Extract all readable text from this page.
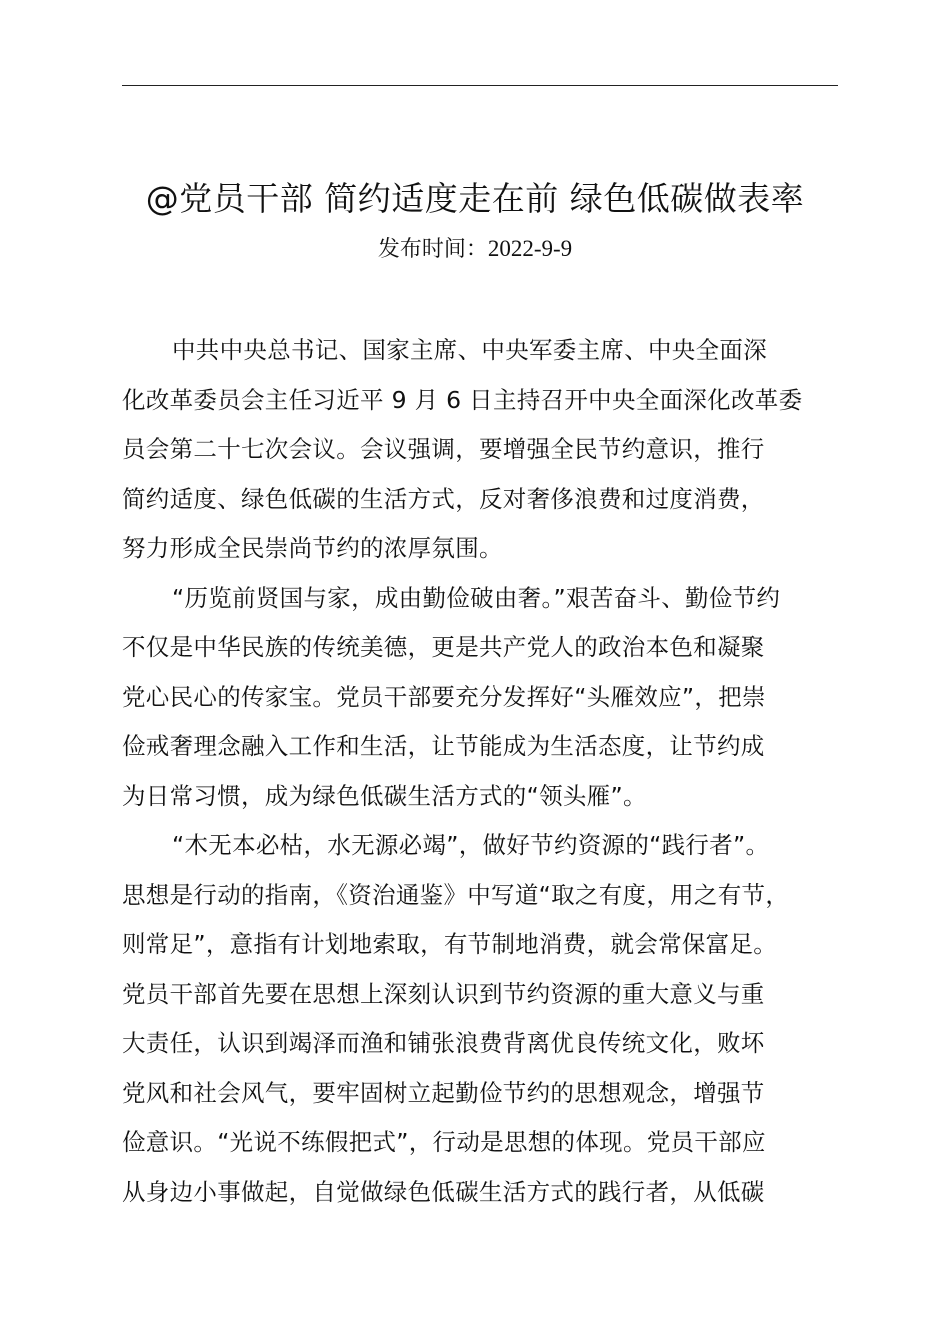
@党员干部 简约适度走在前 绿色低碳做表率
发布时间：2022-9-9
中共中央总书记、国家主席、中央军委主席、中央全面深
化改革委员会主任习近平 9 月 6 日主持召开中央全面深化改革委
员会第二十七次会议。会议强调，要增强全民节约意识，推行
简约适度、绿色低碳的生活方式，反对奢侈浪费和过度消费，
努力形成全民崇尚节约的浓厚氛围。
“历览前贤国与家，成由勤俭破由奢。”艰苦奋斗、勤俭节约
不仅是中华民族的传统美德，更是共产党人的政治本色和凝聚
党心民心的传家宝。党员干部要充分发挥好“头雁效应”，把崇
俭戒奢理念融入工作和生活，让节能成为生活态度，让节约成
为日常习惯，成为绿色低碳生活方式的“领头雁”。
“木无本必枯，水无源必竭”，做好节约资源的“践行者”。
思想是行动的指南，《资治通鉴》中写道“取之有度，用之有节，
则常足”，意指有计划地索取，有节制地消费，就会常保富足。
党员干部首先要在思想上深刻认识到节约资源的重大意义与重
大责任，认识到竭泽而渔和铺张浪费背离优良传统文化，败坏
党风和社会风气，要牢固树立起勤俭节约的思想观念，增强节
俭意识。“光说不练假把式”，行动是思想的体现。党员干部应
从身边小事做起，自觉做绿色低碳生活方式的践行者，从低碳
